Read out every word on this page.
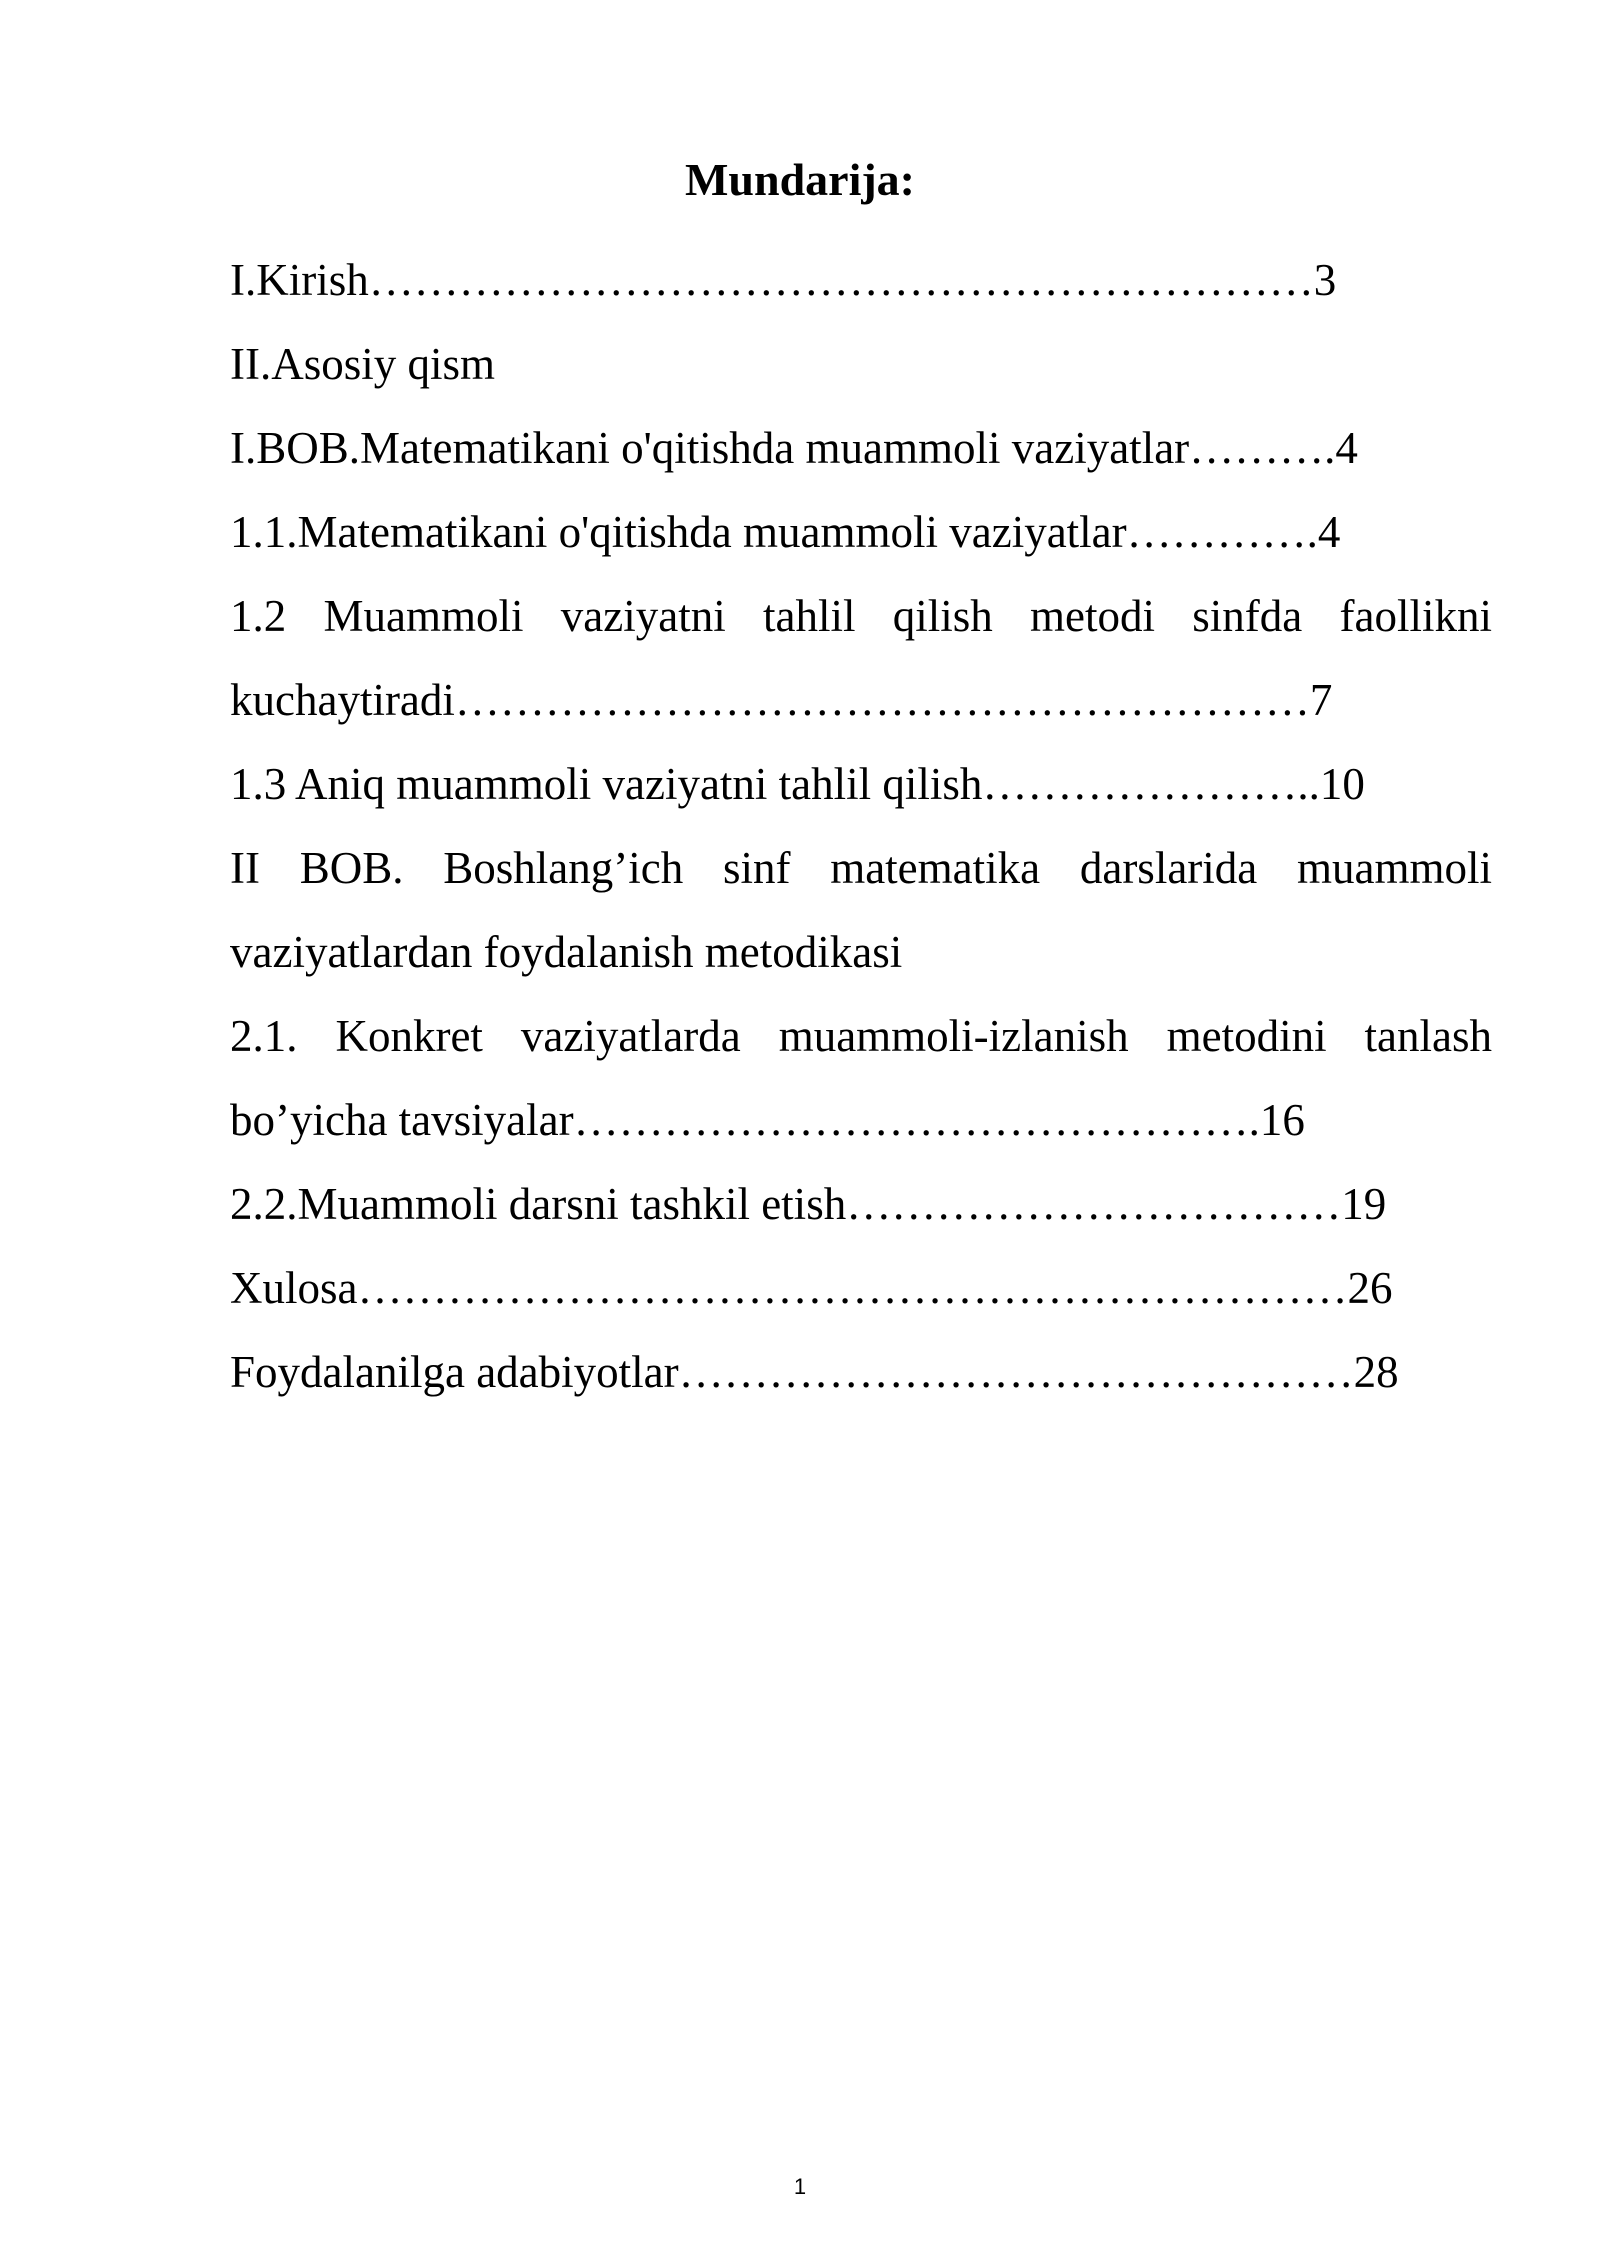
Mundarija:
I.Kirish………………………………………………………3
II.Asosiy qism
I.BOB.Matematikani o'qitishda muammoli vaziyatlar……….4
1.1.Matematikani o'qitishda muammoli vaziyatlar………….4
1.2 Muammoli vaziyatni tahlil qilish metodi sinfda faollikni
kuchaytiradi…………………………………………………7
1.3 Aniq muammoli vaziyatni tahlil qilish…………………..10
II BOB. Boshlang’ich sinf matematika darslarida muammoli
vaziyatlardan foydalanish metodikasi
2.1. Konkret vaziyatlarda muammoli-izlanish metodini tanlash
bo’yicha tavsiyalar……………………………………….16
2.2.Muammoli darsni tashkil etish……………………………19
Xulosa…………………………………………………………26
Foydalanilga adabiyotlar………………………………………28
1
